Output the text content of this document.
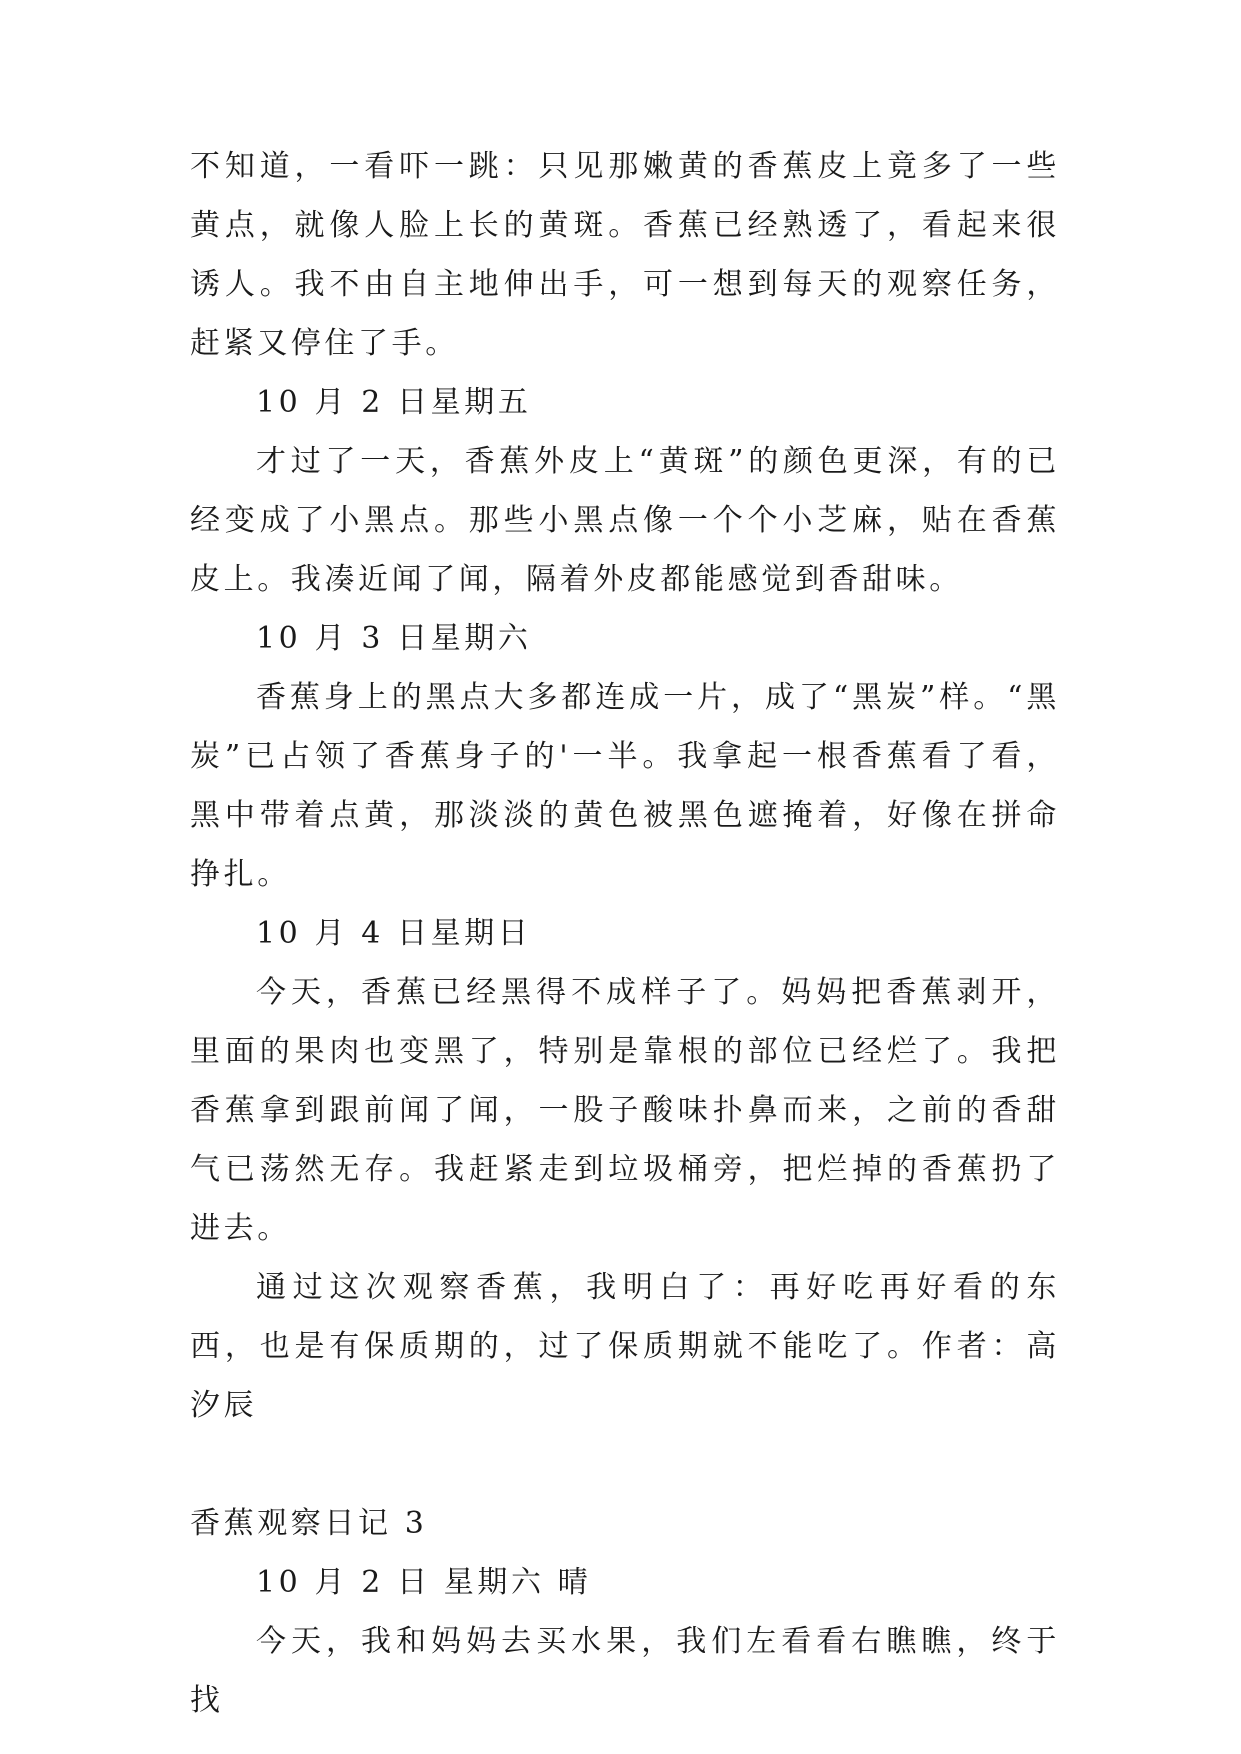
不知道，一看吓一跳：只见那嫩黄的香蕉皮上竟多了一些黄点，就像人脸上长的黄斑。香蕉已经熟透了，看起来很诱人。我不由自主地伸出手，可一想到每天的观察任务，赶紧又停住了手。

10 月 2 日星期五

才过了一天，香蕉外皮上“黄斑”的颜色更深，有的已经变成了小黑点。那些小黑点像一个个小芝麻，贴在香蕉皮上。我凑近闻了闻，隔着外皮都能感觉到香甜味。

10 月 3 日星期六

香蕉身上的黑点大多都连成一片，成了“黑炭”样。“黑炭”已占领了香蕉身子的'一半。我拿起一根香蕉看了看，黑中带着点黄，那淡淡的黄色被黑色遮掩着，好像在拼命挣扎。

10 月 4 日星期日

今天，香蕉已经黑得不成样子了。妈妈把香蕉剥开，里面的果肉也变黑了，特别是靠根的部位已经烂了。我把香蕉拿到跟前闻了闻，一股子酸味扑鼻而来，之前的香甜气已荡然无存。我赶紧走到垃圾桶旁，把烂掉的香蕉扔了进去。

通过这次观察香蕉，我明白了：再好吃再好看的东西，也是有保质期的，过了保质期就不能吃了。作者：高汐辰

香蕉观察日记 3

10 月 2 日 星期六 晴

今天，我和妈妈去买水果，我们左看看右瞧瞧，终于找
